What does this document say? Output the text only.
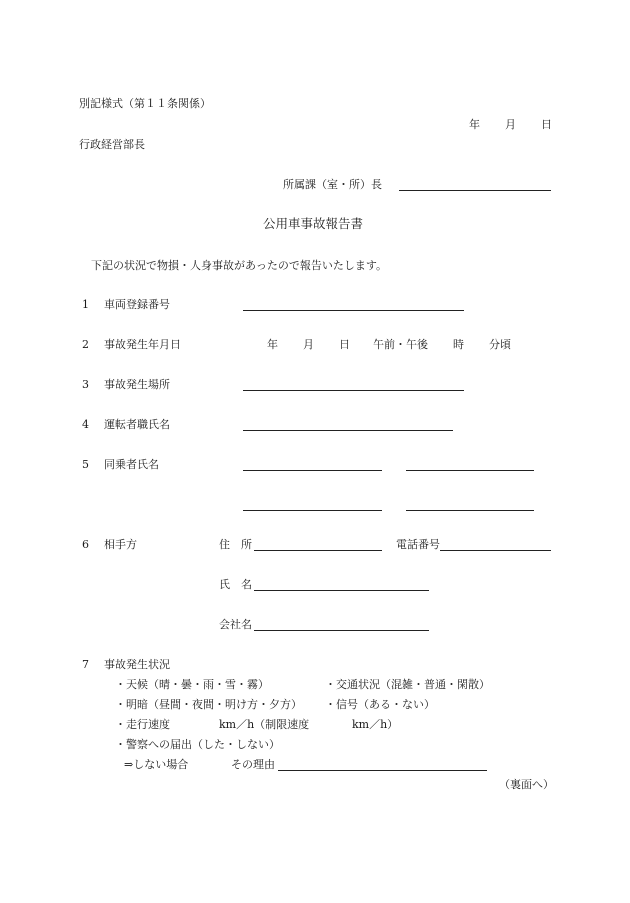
別記様式（第１１条関係）
年 月 日
行政経営部長
所属課（室・所）長
公用車事故報告書
下記の状況で物損・人身事故があったので報告いたします。
1 車両登録番号
2 事故発生年月日	年 月 日 午前・午後 時 分頃
3 事故発生場所
4 運転者職氏名
5 同乗者氏名
6 相手方	住　所	電話番号
氏　名
会社名
7 事故発生状況
・天候（晴・曇・雨・雪・霧）	・交通状況（混雑・普通・閑散）
・明暗（昼間・夜間・明け方・夕方） ・信号（ある・ない）
・走行速度	km／h（制限速度	km／h）
・警察への届出（した・しない）
⇒しない場合	その理由
（裏面へ）
